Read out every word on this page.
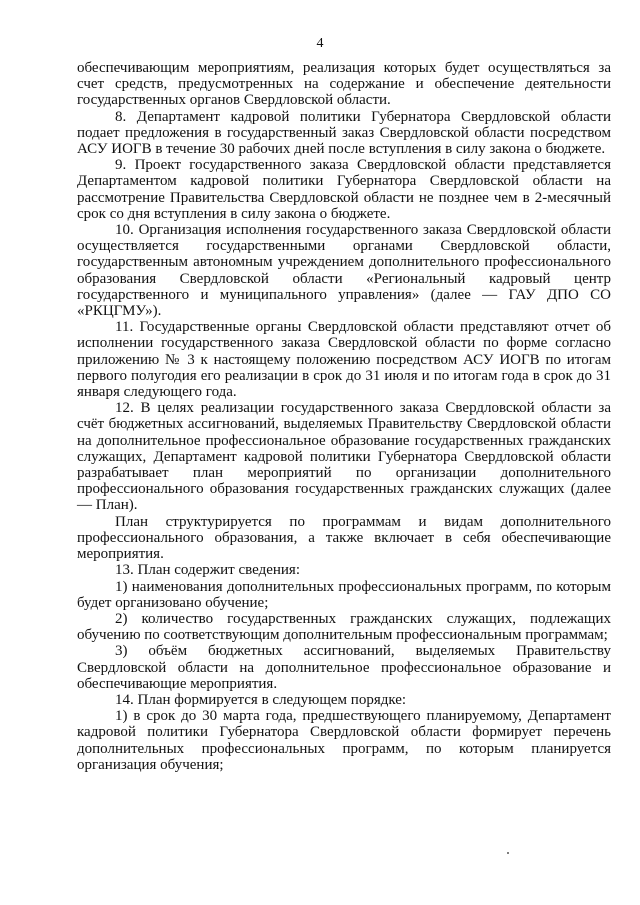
4

обеспечивающим мероприятиям, реализация которых будет осуществляться за счет средств, предусмотренных на содержание и обеспечение деятельности государственных органов Свердловской области.

8. Департамент кадровой политики Губернатора Свердловской области подает предложения в государственный заказ Свердловской области посредством АСУ ИОГВ в течение 30 рабочих дней после вступления в силу закона о бюджете.

9. Проект государственного заказа Свердловской области представляется Департаментом кадровой политики Губернатора Свердловской области на рассмотрение Правительства Свердловской области не позднее чем в 2-месячный срок со дня вступления в силу закона о бюджете.

10. Организация исполнения государственного заказа Свердловской области осуществляется государственными органами Свердловской области, государственным автономным учреждением дополнительного профессионального образования Свердловской области «Региональный кадровый центр государственного и муниципального управления» (далее — ГАУ ДПО СО «РКЦГМУ»).

11. Государственные органы Свердловской области представляют отчет об исполнении государственного заказа Свердловской области по форме согласно приложению № 3 к настоящему положению посредством АСУ ИОГВ по итогам первого полугодия его реализации в срок до 31 июля и по итогам года в срок до 31 января следующего года.

12. В целях реализации государственного заказа Свердловской области за счёт бюджетных ассигнований, выделяемых Правительству Свердловской области на дополнительное профессиональное образование государственных гражданских служащих, Департамент кадровой политики Губернатора Свердловской области разрабатывает план мероприятий по организации дополнительного профессионального образования государственных гражданских служащих (далее — План).

План структурируется по программам и видам дополнительного профессионального образования, а также включает в себя обеспечивающие мероприятия.

13. План содержит сведения:

1) наименования дополнительных профессиональных программ, по которым будет организовано обучение;

2) количество государственных гражданских служащих, подлежащих обучению по соответствующим дополнительным профессиональным программам;

3) объём бюджетных ассигнований, выделяемых Правительству Свердловской области на дополнительное профессиональное образование и обеспечивающие мероприятия.

14. План формируется в следующем порядке:

1) в срок до 30 марта года, предшествующего планируемому, Департамент кадровой политики Губернатора Свердловской области формирует перечень дополнительных профессиональных программ, по которым планируется организация обучения;
